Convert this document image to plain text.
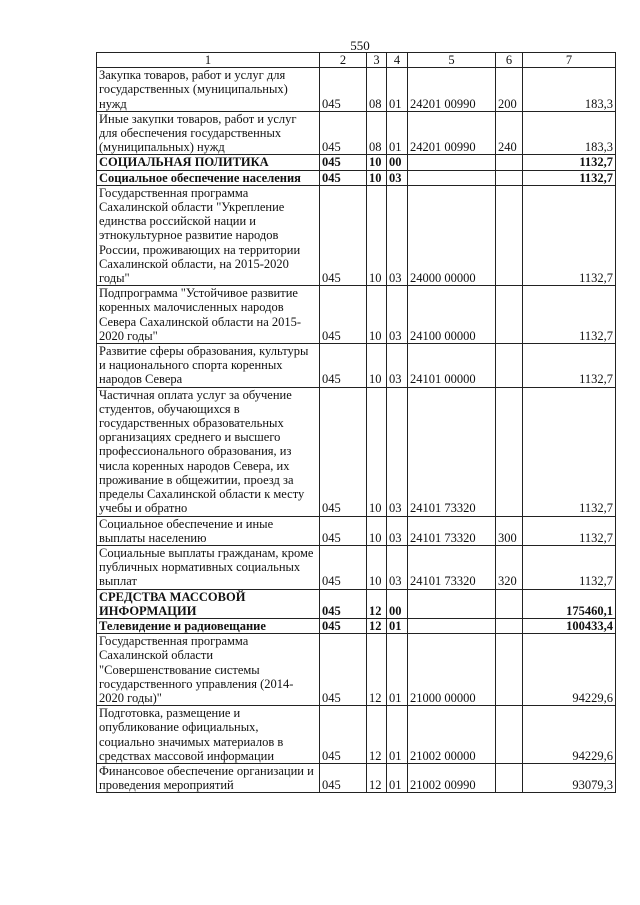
550
1	2	3	4	5	6	7
Закупка товаров, работ и услуг для государственных (муниципальных) нужд	045	08	01	24201 00990	200	183,3
Иные закупки товаров, работ и услуг для обеспечения государственных (муниципальных) нужд	045	08	01	24201 00990	240	183,3
СОЦИАЛЬНАЯ ПОЛИТИКА	045	10	00			1132,7
Социальное обеспечение населения	045	10	03			1132,7
Государственная программа Сахалинской области "Укрепление единства российской нации и этнокультурное развитие народов России, проживающих на территории Сахалинской области, на 2015-2020 годы"	045	10	03	24000 00000		1132,7
Подпрограмма "Устойчивое развитие коренных малочисленных народов Севера Сахалинской области на 2015-2020 годы"	045	10	03	24100 00000		1132,7
Развитие сферы образования, культуры и национального спорта коренных народов Севера	045	10	03	24101 00000		1132,7
Частичная оплата услуг за обучение студентов, обучающихся в государственных образовательных организациях среднего и высшего профессионального образования, из числа коренных народов Севера, их проживание в общежитии, проезд за пределы Сахалинской области к месту учебы и обратно	045	10	03	24101 73320		1132,7
Социальное обеспечение и иные выплаты населению	045	10	03	24101 73320	300	1132,7
Социальные выплаты гражданам, кроме публичных нормативных социальных выплат	045	10	03	24101 73320	320	1132,7
СРЕДСТВА МАССОВОЙ ИНФОРМАЦИИ	045	12	00			175460,1
Телевидение и радиовещание	045	12	01			100433,4
Государственная программа Сахалинской области "Совершенствование системы государственного управления (2014-2020 годы)"	045	12	01	21000 00000		94229,6
Подготовка, размещение и опубликование официальных, социально значимых материалов в средствах массовой информации	045	12	01	21002 00000		94229,6
Финансовое обеспечение организации и проведения мероприятий	045	12	01	21002 00990		93079,3
